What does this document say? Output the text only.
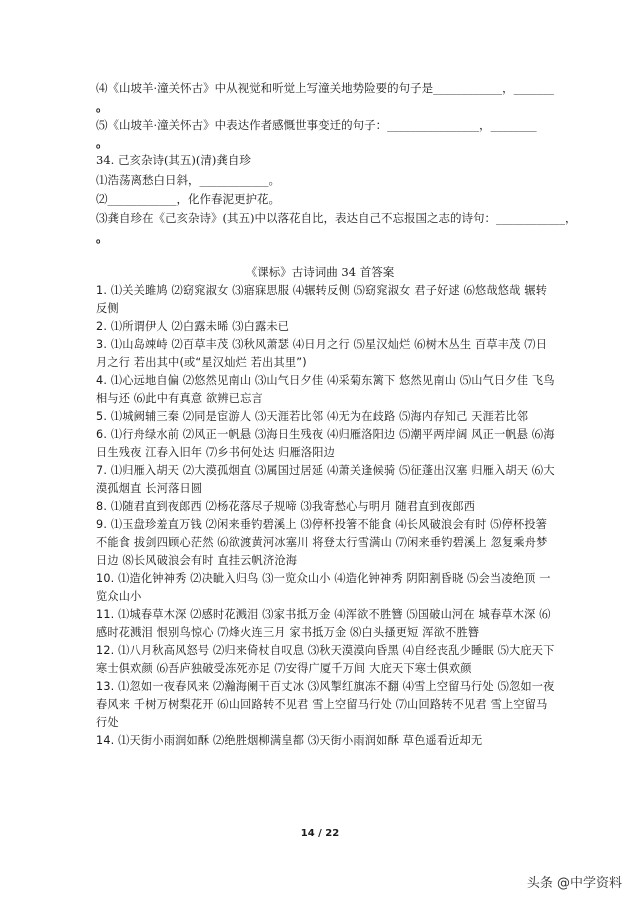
⑷《山坡羊·潼关怀古》中从视觉和听觉上写潼关地势险要的句子是____________，_______
。
⑸《山坡羊·潼关怀古》中表达作者感慨世事变迁的句子：________________，________
。
34. 己亥杂诗(其五)(清)龚自珍
⑴浩荡离愁白日斜，____________。
⑵____________，化作春泥更护花。
⑶龚自珍在《己亥杂诗》(其五)中以落花自比，表达自己不忘报国之志的诗句：____________，
。
《课标》古诗词曲 34 首答案
1. ⑴关关雎鸠 ⑵窈窕淑女 ⑶寤寐思服 ⑷辗转反侧 ⑸窈窕淑女 君子好逑 ⑹悠哉悠哉 辗转反侧
2. ⑴所谓伊人 ⑵白露未晞 ⑶白露未已
3. ⑴山岛竦峙 ⑵百草丰茂 ⑶秋风萧瑟 ⑷日月之行 ⑸星汉灿烂 ⑹树木丛生 百草丰茂 ⑺日月之行 若出其中(或“星汉灿烂 若出其里”)
4. ⑴心远地自偏 ⑵悠然见南山 ⑶山气日夕佳 ⑷采菊东篱下 悠然见南山 ⑸山气日夕佳 飞鸟相与还 ⑹此中有真意 欲辨已忘言
5. ⑴城阙辅三秦 ⑵同是宦游人 ⑶天涯若比邻 ⑷无为在歧路 ⑸海内存知己 天涯若比邻
6. ⑴行舟绿水前 ⑵风正一帆悬 ⑶海日生残夜 ⑷归雁洛阳边 ⑸潮平两岸阔 风正一帆悬 ⑹海日生残夜 江春入旧年 ⑺乡书何处达 归雁洛阳边
7. ⑴归雁入胡天 ⑵大漠孤烟直 ⑶属国过居延 ⑷萧关逢候骑 ⑸征蓬出汉塞 归雁入胡天 ⑹大漠孤烟直 长河落日圆
8. ⑴随君直到夜郎西 ⑵杨花落尽子规啼 ⑶我寄愁心与明月 随君直到夜郎西
9. ⑴玉盘珍羞直万钱 ⑵闲来垂钓碧溪上 ⑶停杯投箸不能食 ⑷长风破浪会有时 ⑸停杯投箸不能食 拔剑四顾心茫然 ⑹欲渡黄河冰塞川 将登太行雪满山 ⑺闲来垂钓碧溪上 忽复乘舟梦日边 ⑻长风破浪会有时 直挂云帆济沧海
10. ⑴造化钟神秀 ⑵决眦入归鸟 ⑶一览众山小 ⑷造化钟神秀 阴阳割昏晓 ⑸会当凌绝顶 一览众山小
11. ⑴城春草木深 ⑵感时花溅泪 ⑶家书抵万金 ⑷浑欲不胜簪 ⑸国破山河在 城春草木深 ⑹感时花溅泪 恨别鸟惊心 ⑺烽火连三月 家书抵万金 ⑻白头搔更短 浑欲不胜簪
12. ⑴八月秋高风怒号 ⑵归来倚杖自叹息 ⑶秋天漠漠向昏黑 ⑷自经丧乱少睡眠 ⑸大庇天下寒士俱欢颜 ⑹吾庐独破受冻死亦足 ⑺安得广厦千万间 大庇天下寒士俱欢颜
13. ⑴忽如一夜春风来 ⑵瀚海阑干百丈冰 ⑶风掣红旗冻不翻 ⑷雪上空留马行处 ⑸忽如一夜春风来 千树万树梨花开 ⑹山回路转不见君 雪上空留马行处 ⑺山回路转不见君 雪上空留马行处
14. ⑴天街小雨润如酥 ⑵绝胜烟柳满皇都 ⑶天街小雨润如酥 草色遥看近却无
14 / 22
头条 @中学资料
